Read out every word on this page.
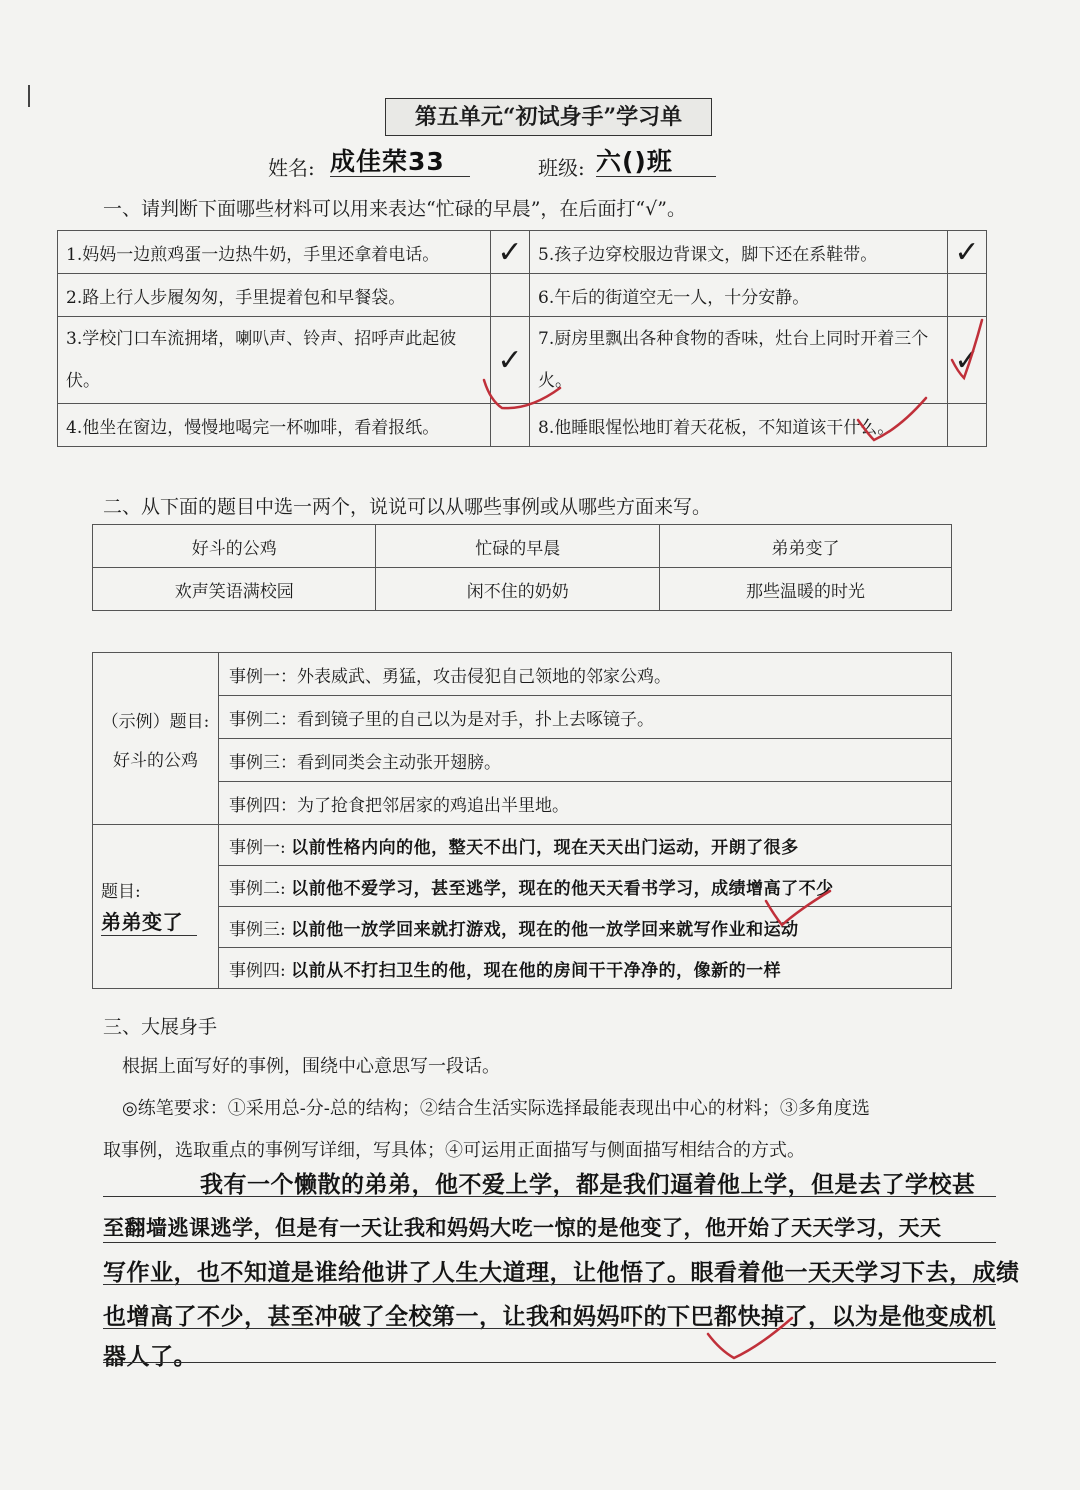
第五单元“初试身手”学习单
姓名: 成佳荣33	班级: 六()班
一、请判断下面哪些材料可以用来表达“忙碌的早晨”，在后面打“√”。
1.妈妈一边煎鸡蛋一边热牛奶，手里还拿着电话。	✓	5.孩子边穿校服边背课文，脚下还在系鞋带。	✓
2.路上行人步履匆匆，手里提着包和早餐袋。		6.午后的街道空无一人，十分安静。	
3.学校门口车流拥堵，喇叭声、铃声、招呼声此起彼伏。	✓	7.厨房里飘出各种食物的香味，灶台上同时开着三个火。	✓
4.他坐在窗边，慢慢地喝完一杯咖啡，看着报纸。		8.他睡眼惺忪地盯着天花板，不知道该干什么。	
二、从下面的题目中选一两个，说说可以从哪些事例或从哪些方面来写。
好斗的公鸡	忙碌的早晨	弟弟变了
欢声笑语满校园	闲不住的奶奶	那些温暖的时光
（示例）题目:
好斗的公鸡	事例一：外表威武、勇猛，攻击侵犯自己领地的邻家公鸡。
	事例二：看到镜子里的自己以为是对手，扑上去啄镜子。
	事例三：看到同类会主动张开翅膀。
	事例四：为了抢食把邻居家的鸡追出半里地。
题目:
弟弟变了	事例一: 以前性格内向的他，整天不出门，现在天天出门运动，开朗了很多
	事例二: 以前他不爱学习，甚至逃学，现在的他天天看书学习，成绩增高了不少
	事例三: 以前他一放学回来就打游戏，现在的他一放学回来就写作业和运动
	事例四: 以前从不打扫卫生的他，现在他的房间干干净净的，像新的一样
三、大展身手
根据上面写好的事例，围绕中心意思写一段话。
◎练笔要求：①采用总-分-总的结构；②结合生活实际选择最能表现出中心的材料；③多角度选
取事例，选取重点的事例写详细，写具体；④可运用正面描写与侧面描写相结合的方式。
我有一个懒散的弟弟，他不爱上学，都是我们逼着他上学，但是去了学校甚
至翻墙逃课逃学，但是有一天让我和妈妈大吃一惊的是他变了，他开始了天天学习，天天
写作业，也不知道是谁给他讲了人生大道理，让他悟了。眼看着他一天天学习下去，成绩
也增高了不少，甚至冲破了全校第一，让我和妈妈吓的下巴都快掉了，以为是他变成机
器人了。
